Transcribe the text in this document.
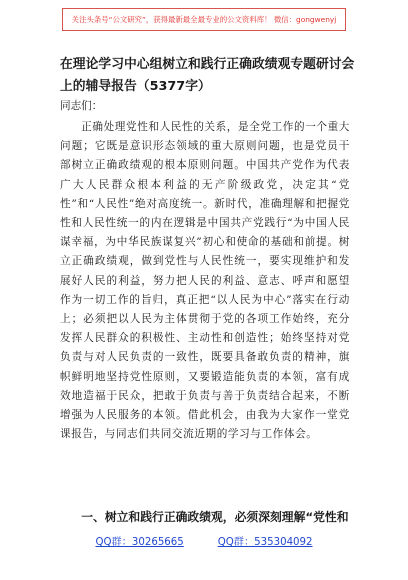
关注头条号“公文研究”，获得最新最全最专业的公文资料库！ 微信：gongwenyj
在理论学习中心组树立和践行正确政绩观专题研讨会上的辅导报告（5377字）
同志们：

正确处理党性和人民性的关系，是全党工作的一个重大问题；它既是意识形态领域的重大原则问题，也是党员干部树立正确政绩观的根本原则问题。中国共产党作为代表广大人民群众根本利益的无产阶级政党，决定其“党性”和“人民性”绝对高度统一。新时代，准确理解和把握党性和人民性统一的内在逻辑是中国共产党践行“为中国人民谋幸福，为中华民族谋复兴”初心和使命的基础和前提。树立正确政绩观，做到党性与人民性统一，要实现维护和发展好人民的利益，努力把人民的利益、意志、呼声和愿望作为一切工作的旨归，真正把“以人民为中心”落实在行动上；必须把以人民为主体贯彻于党的各项工作始终，充分发挥人民群众的积极性、主动性和创造性；始终坚持对党负责与对人民负责的一致性，既要具备敢负责的精神，旗帜鲜明地坚持党性原则，又要锻造能负责的本领，富有成效地造福于民众，把敢于负责与善于负责结合起来，不断增强为人民服务的本领。借此机会，由我为大家作一堂党课报告，与同志们共同交流近期的学习与工作体会。

一、树立和践行正确政绩观，必须深刻理解“党性和
QQ群：30265665	QQ群：535304092
